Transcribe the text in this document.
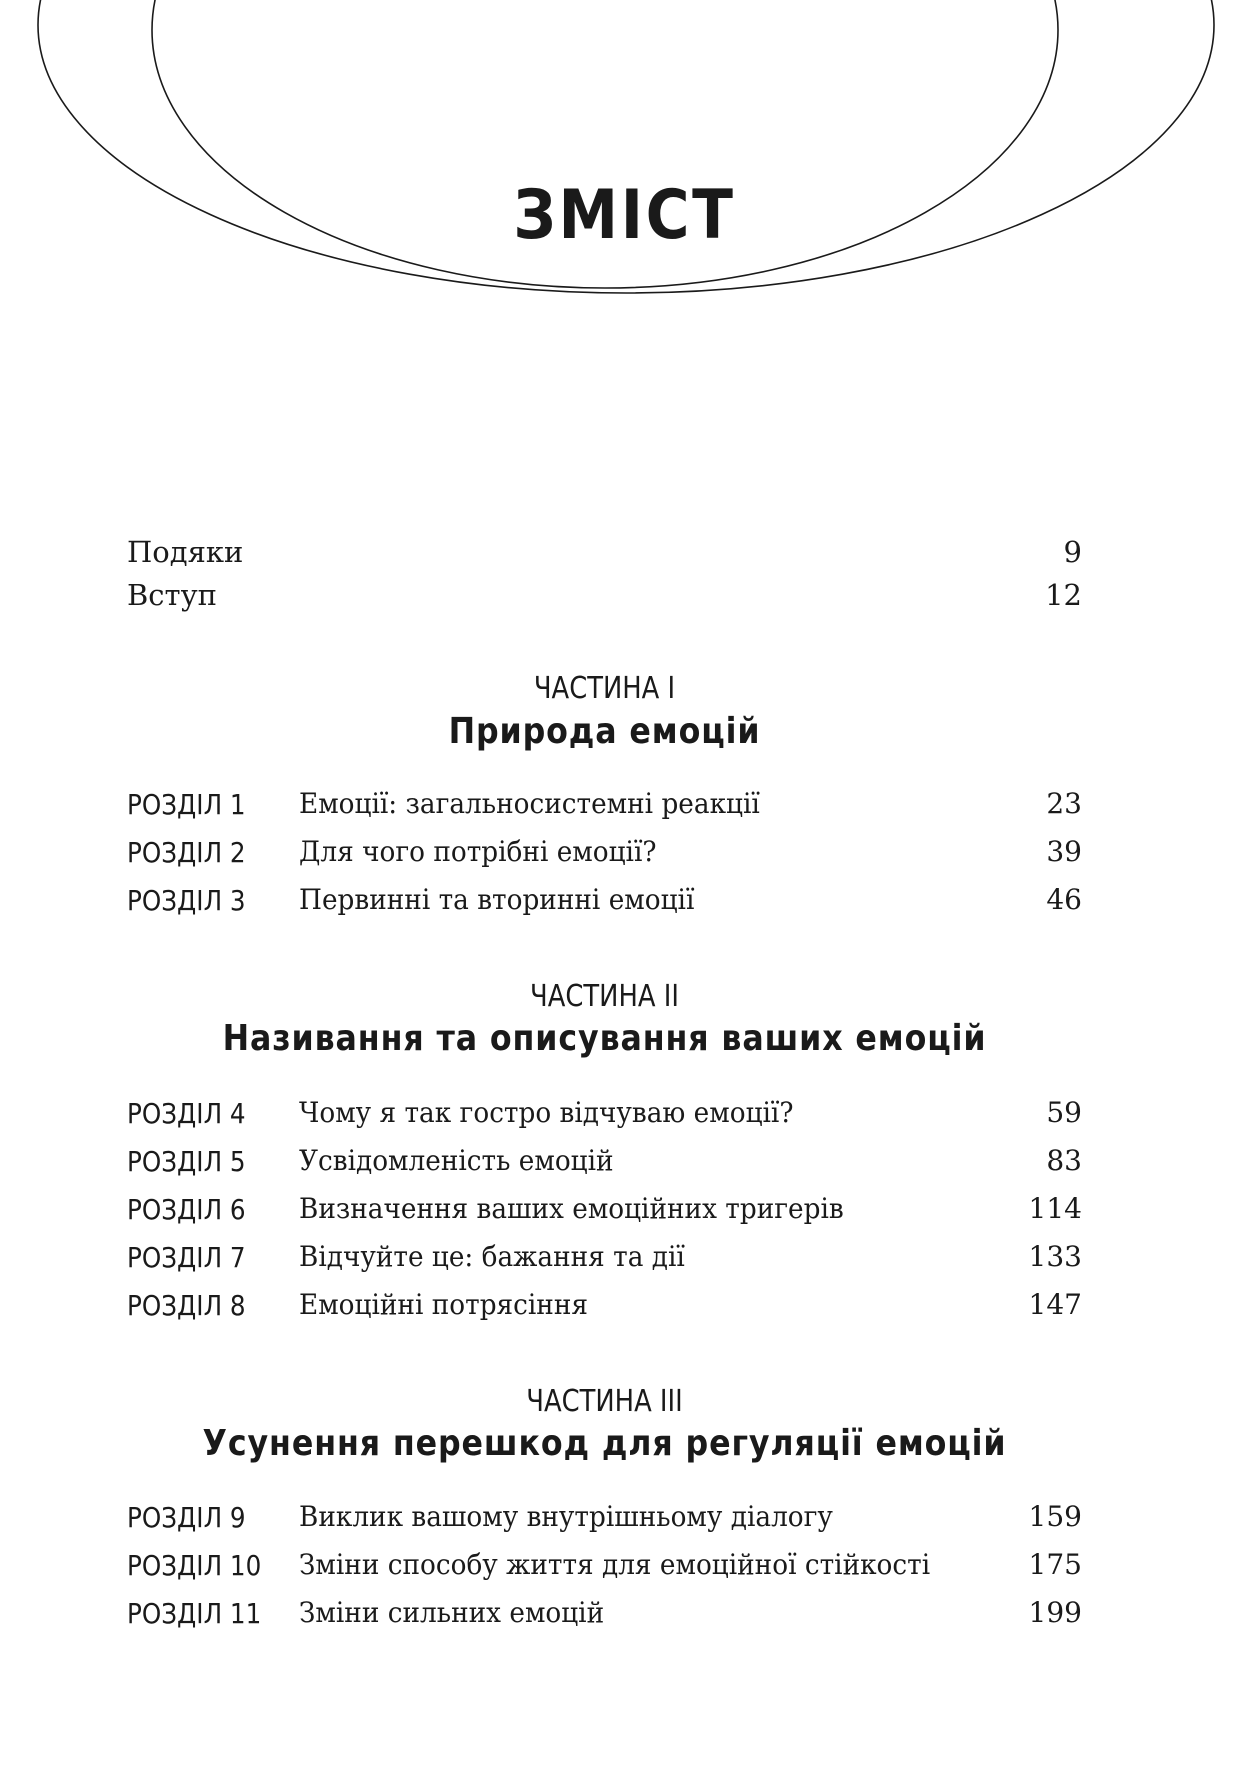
ЗМІСТ
Подяки	9
Вступ	12
ЧАСТИНА I
Природа емоцій
РОЗДІЛ 1 Емоції: загальносистемні реакції	23
РОЗДІЛ 2 Для чого потрібні емоції?	39
РОЗДІЛ 3 Первинні та вторинні емоції	46
ЧАСТИНА II
Називання та описування ваших емоцій
РОЗДІЛ 4 Чому я так гостро відчуваю емоції?	59
РОЗДІЛ 5 Усвідомленість емоцій	83
РОЗДІЛ 6 Визначення ваших емоційних тригерів	114
РОЗДІЛ 7 Відчуйте це: бажання та дії	133
РОЗДІЛ 8 Емоційні потрясіння	147
ЧАСТИНА III
Усунення перешкод для регуляції емоцій
РОЗДІЛ 9 Виклик вашому внутрішньому діалогу	159
РОЗДІЛ 10 Зміни способу життя для емоційної стійкості	175
РОЗДІЛ 11 Зміни сильних емоцій	199
